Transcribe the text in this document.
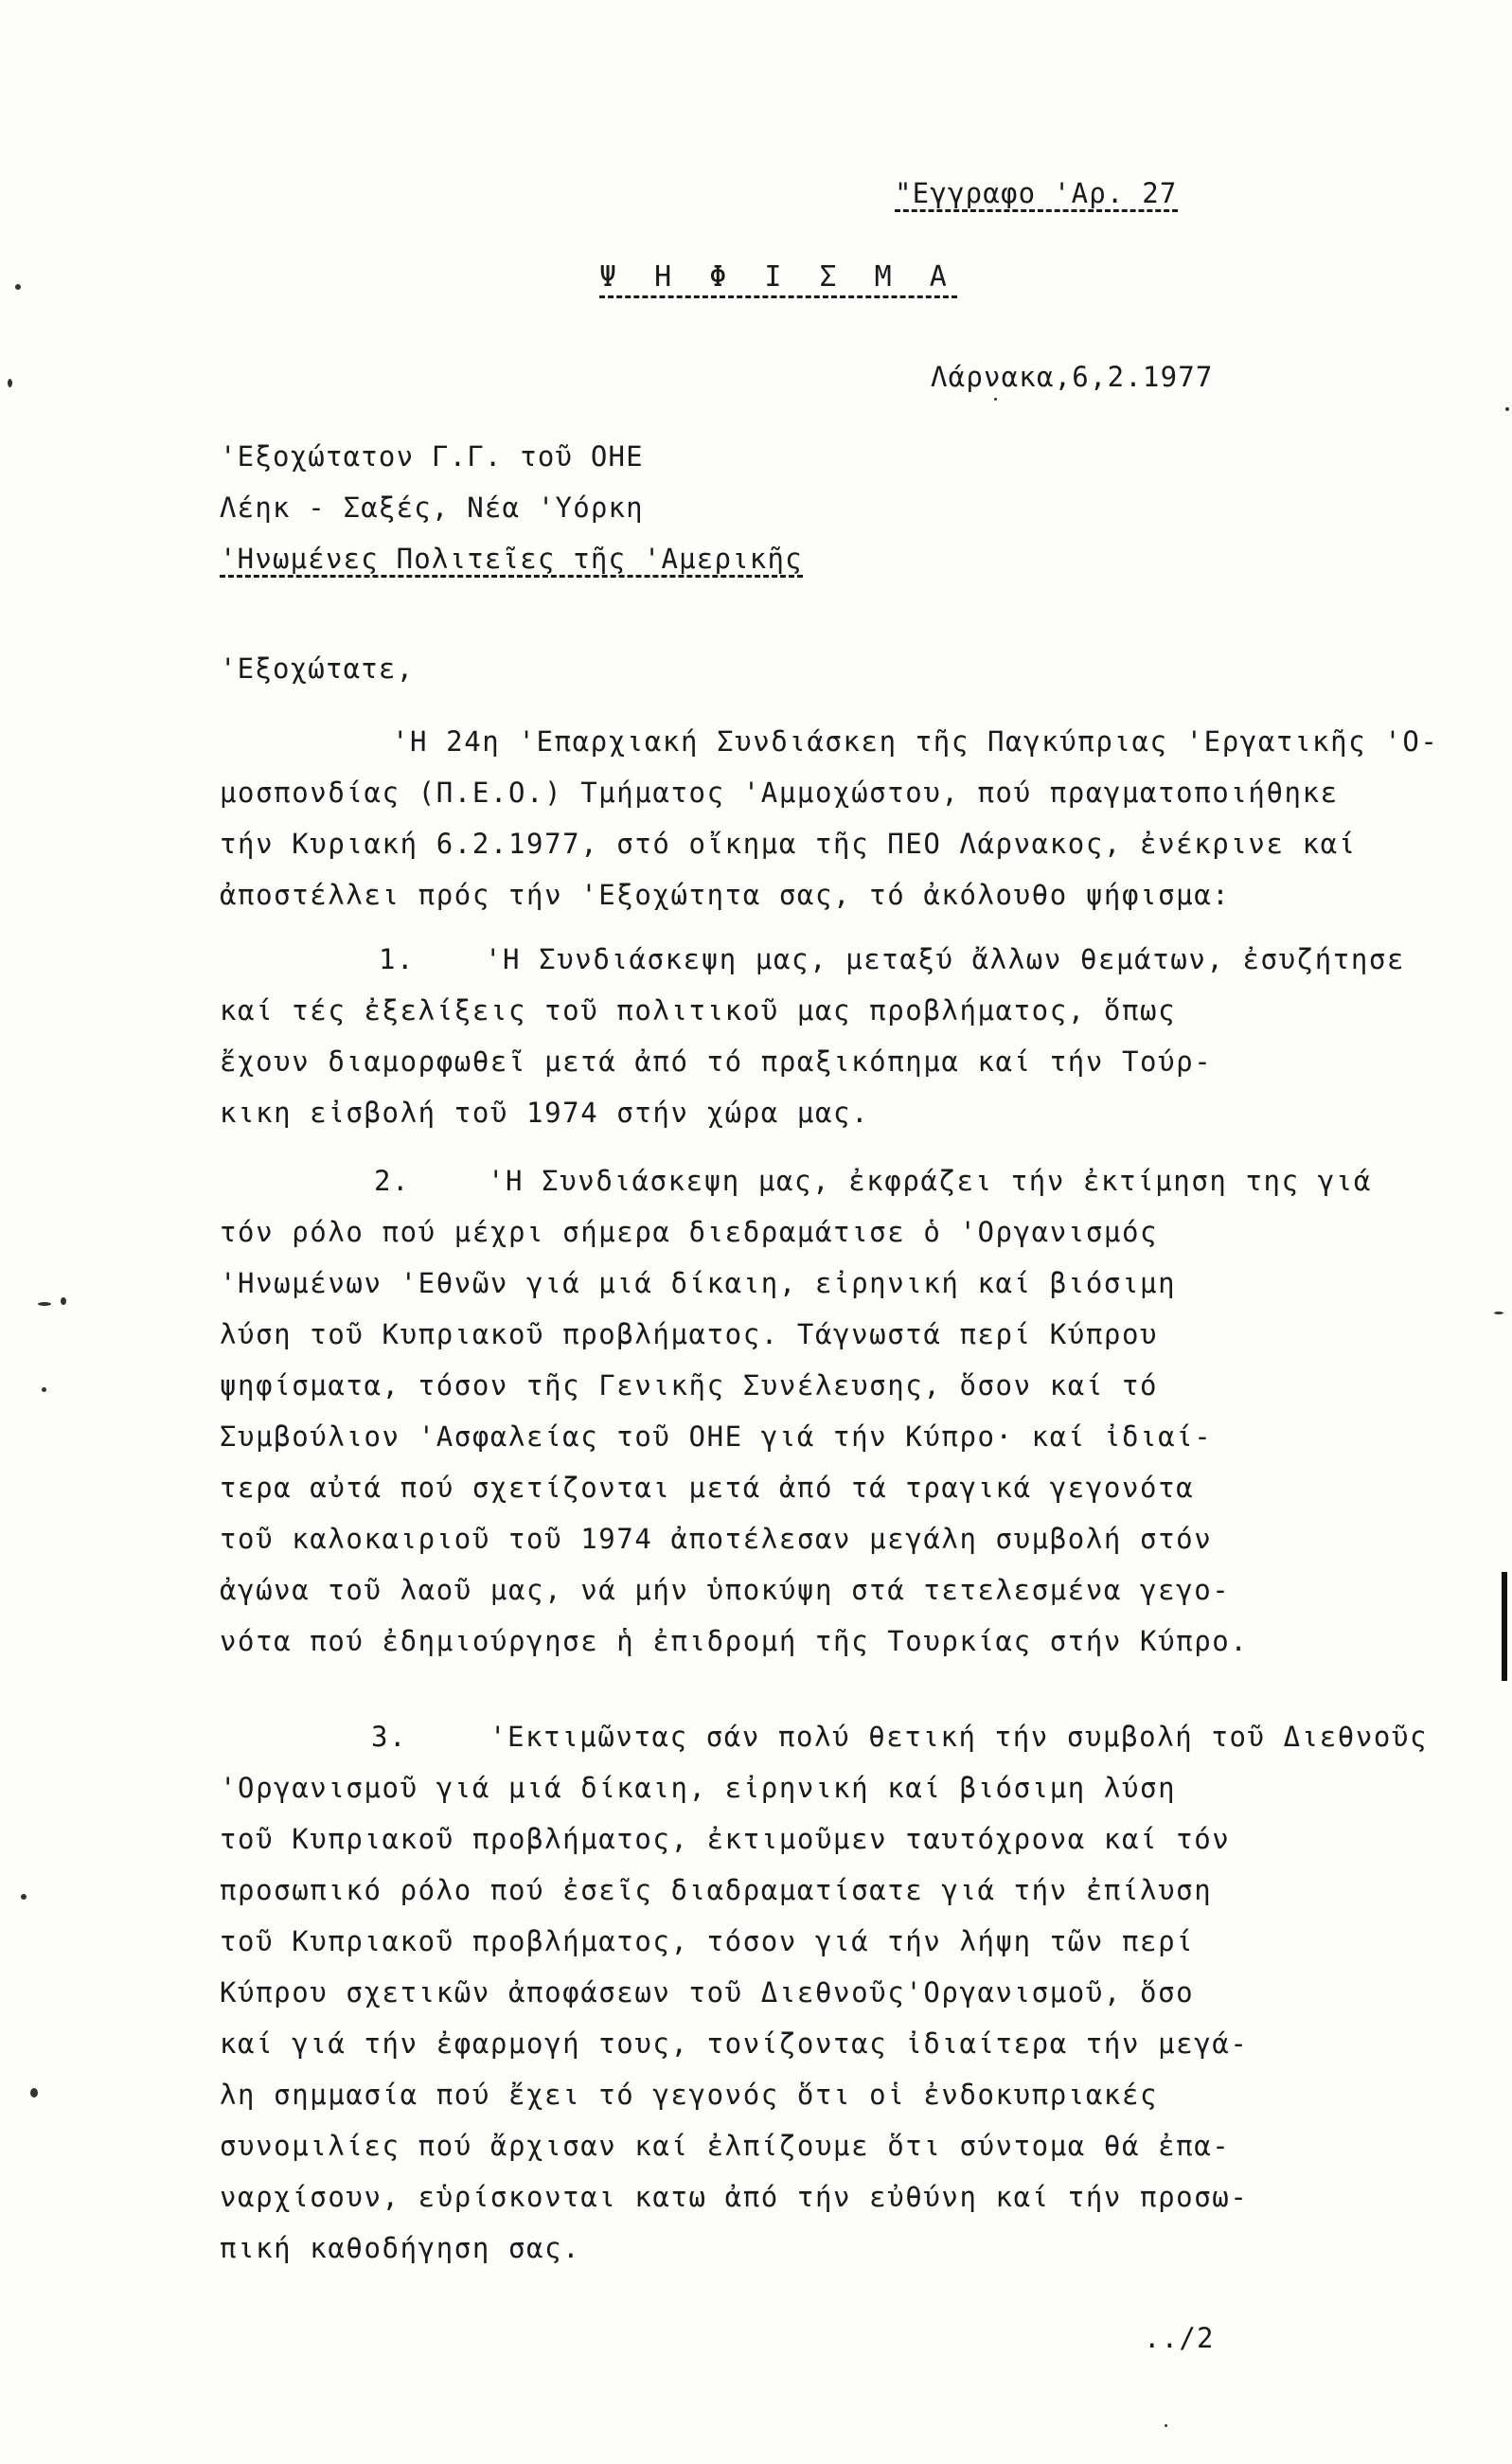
"Εγγραφο 'Αρ. 27
Ψ Η Φ Ι Σ Μ Α
Λάρνακα,6,2.1977
'Εξοχώτατον Γ.Γ. τοῦ ΟΗΕ
Λέηκ - Σαξές, Νέα 'Υόρκη
'Ηνωμένες Πολιτεῖες τῆς 'Αμερικῆς
'Εξοχώτατε,
'Η 24η 'Επαρχιακή Συνδιάσκεη τῆς Παγκύπριας 'Εργατικῆς 'Ο-
μοσπονδίας (Π.Ε.Ο.) Τμήματος 'Αμμοχώστου, πού πραγματοποιήθηκε
τήν Κυριακή 6.2.1977, στό οἴκημα τῆς ΠΕΟ Λάρνακος, ἐνέκρινε καί
ἀποστέλλει πρός τήν 'Εξοχώτητα σας, τό ἀκόλουθο ψήφισμα:
1.	'Η Συνδιάσκεψη μας, μεταξύ ἄλλων θεμάτων, ἐσυζήτησε
καί τές ἐξελίξεις τοῦ πολιτικοῦ μας προβλήματος, ὅπως
ἔχουν διαμορφωθεῖ μετά ἀπό τό πραξικόπημα καί τήν Τούρ-
κικη εἰσβολή τοῦ 1974 στήν χώρα μας.
2.	'Η Συνδιάσκεψη μας, ἐκφράζει τήν ἐκτίμηση της γιά
τόν ρόλο πού μέχρι σήμερα διεδραμάτισε ὁ 'Οργανισμός
'Ηνωμένων 'Εθνῶν γιά μιά δίκαιη, εἰρηνική καί βιόσιμη
λύση τοῦ Κυπριακοῦ προβλήματος. Τάγνωστά περί Κύπρου
ψηφίσματα, τόσον τῆς Γενικῆς Συνέλευσης, ὅσον καί τό
Συμβούλιον 'Ασφαλείας τοῦ ΟΗΕ γιά τήν Κύπρο· καί ἰδιαί-
τερα αὐτά πού σχετίζονται μετά ἀπό τά τραγικά γεγονότα
τοῦ καλοκαιριοῦ τοῦ 1974 ἀποτέλεσαν μεγάλη συμβολή στόν
ἀγώνα τοῦ λαοῦ μας, νά μήν ὑποκύψη στά τετελεσμένα γεγο-
νότα πού ἐδημιούργησε ἡ ἐπιδρομή τῆς Τουρκίας στήν Κύπρο.
3.	'Εκτιμῶντας σάν πολύ θετική τήν συμβολή τοῦ Διεθνοῦς
'Οργανισμοῦ γιά μιά δίκαιη, εἰρηνική καί βιόσιμη λύση
τοῦ Κυπριακοῦ προβλήματος, ἐκτιμοῦμεν ταυτόχρονα καί τόν
προσωπικό ρόλο πού ἐσεῖς διαδραματίσατε γιά τήν ἐπίλυση
τοῦ Κυπριακοῦ προβλήματος, τόσον γιά τήν λήψη τῶν περί
Κύπρου σχετικῶν ἀποφάσεων τοῦ Διεθνοῦς'Οργανισμοῦ, ὅσο
καί γιά τήν ἐφαρμογή τους, τονίζοντας ἰδιαίτερα τήν μεγά-
λη σημμασία πού ἔχει τό γεγονός ὅτι οἱ ἐνδοκυπριακές
συνομιλίες πού ἄρχισαν καί ἐλπίζουμε ὅτι σύντομα θά ἐπα-
ναρχίσουν, εὑρίσκονται κατω ἀπό τήν εὐθύνη καί τήν προσω-
πική καθοδήγηση σας.
../2
